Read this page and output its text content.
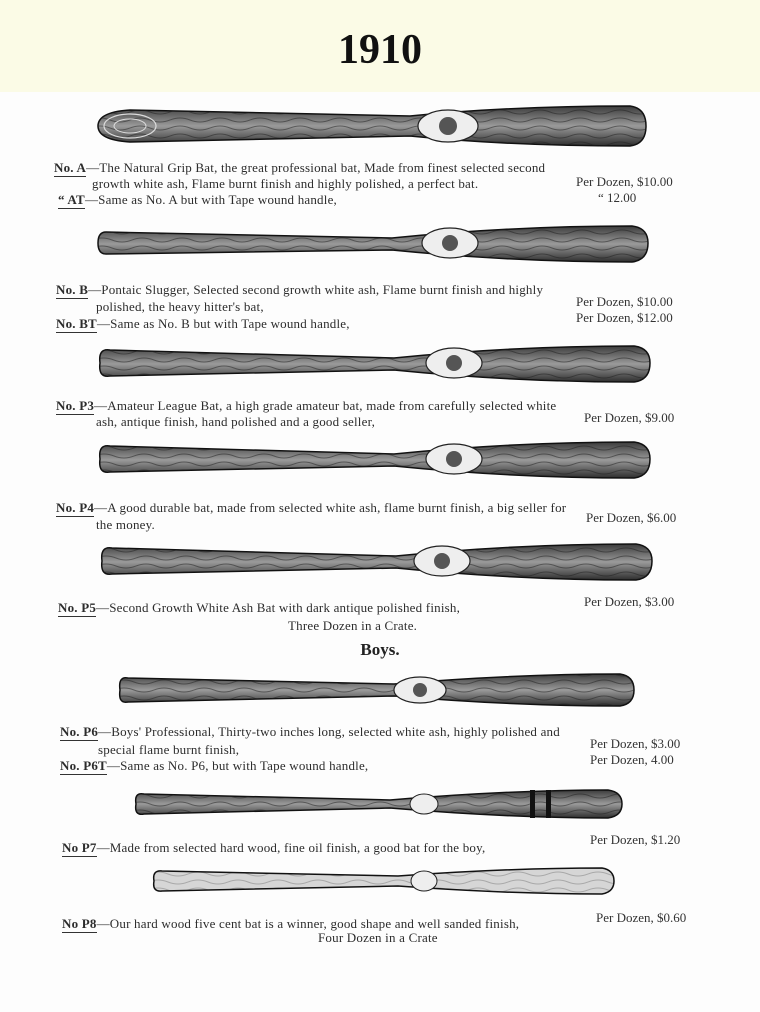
1910
No. A—The Natural Grip Bat, the great professional bat, Made from finest selected second
growth white ash, Flame burnt finish and highly polished, a perfect bat.	Per Dozen, $10.00
“ AT—Same as No. A but with Tape wound handle,	“ 12.00
No. B—Pontaic Slugger, Selected second growth white ash, Flame burnt finish and highly
polished, the heavy hitter's bat,	Per Dozen, $10.00
No. BT—Same as No. B but with Tape wound handle,	Per Dozen, $12.00
No. P3—Amateur League Bat, a high grade amateur bat, made from carefully selected white
ash, antique finish, hand polished and a good seller,	Per Dozen, $9.00
No. P4—A good durable bat, made from selected white ash, flame burnt finish, a big seller for
the money.	Per Dozen, $6.00
No. P5—Second Growth White Ash Bat with dark antique polished finish,
Three Dozen in a Crate.
Per Dozen, $3.00
Boys.
No. P6—Boys' Professional, Thirty-two inches long, selected white ash, highly polished and
special flame burnt finish,	Per Dozen, $3.00
No. P6T—Same as No. P6, but with Tape wound handle,	Per Dozen, 4.00
No P7—Made from selected hard wood, fine oil finish, a good bat for the boy,
Per Dozen, $1.20
No P8—Our hard wood five cent bat is a winner, good shape and well sanded finish,
Four Dozen in a Crate
Per Dozen, $0.60
